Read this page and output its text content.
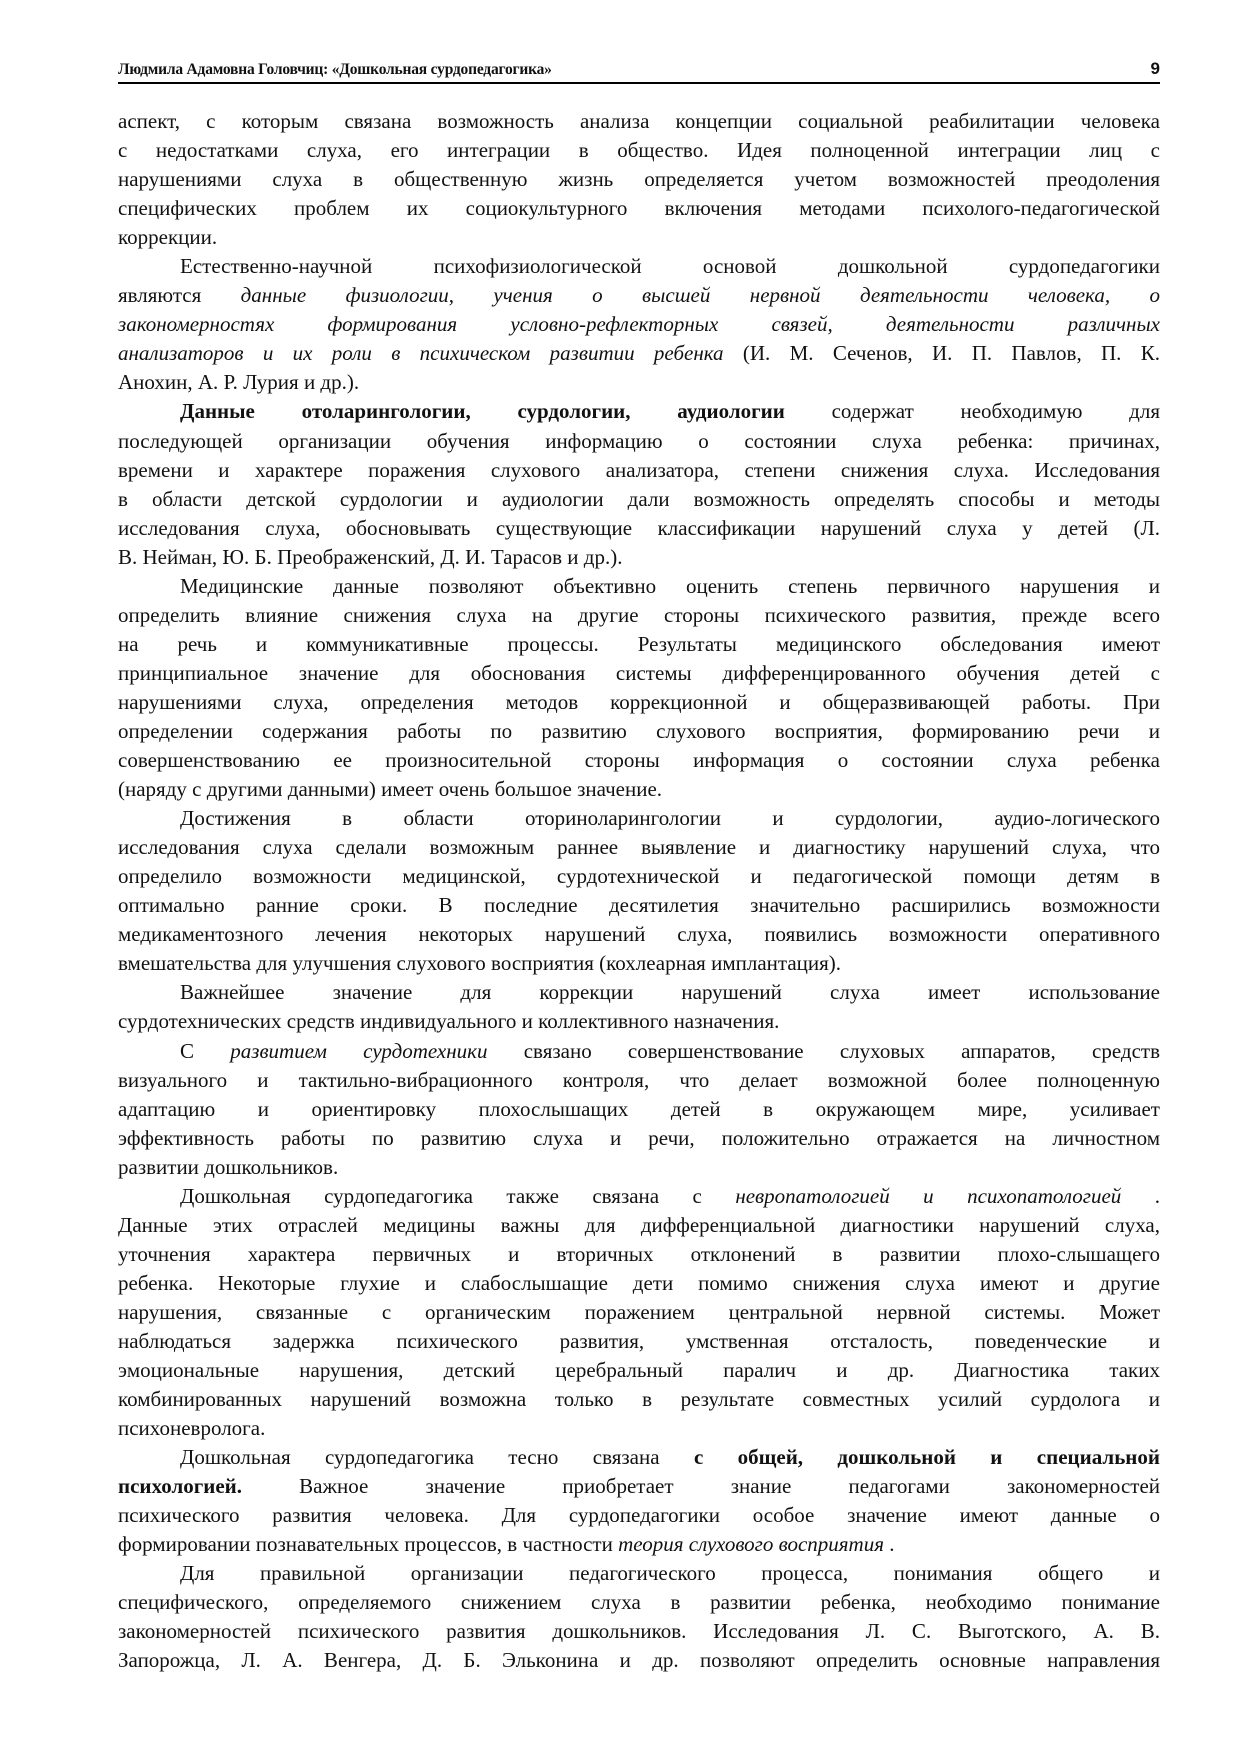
Людмила Адамовна Головчиц: «Дошкольная сурдопедагогика»	9
аспект, с которым связана возможность анализа концепции социальной реабилитации человека
с недостатками слуха, его интеграции в общество. Идея полноценной интеграции лиц с
нарушениями слуха в общественную жизнь определяется учетом возможностей преодоления
специфических проблем их социокультурного включения методами психолого-педагогической
коррекции.
Естественно-научной психофизиологической основой дошкольной сурдопедагогики
являются данные физиологии, учения о высшей нервной деятельности человека, о
закономерностях формирования условно-рефлекторных связей, деятельности различных
анализаторов и их роли в психическом развитии ребенка (И. М. Сеченов, И. П. Павлов, П. К.
Анохин, А. Р. Лурия и др.).
Данные отоларингологии, сурдологии, аудиологии содержат необходимую для
последующей организации обучения информацию о состоянии слуха ребенка: причинах,
времени и характере поражения слухового анализатора, степени снижения слуха. Исследования
в области детской сурдологии и аудиологии дали возможность определять способы и методы
исследования слуха, обосновывать существующие классификации нарушений слуха у детей (Л.
В. Нейман, Ю. Б. Преображенский, Д. И. Тарасов и др.).
Медицинские данные позволяют объективно оценить степень первичного нарушения и
определить влияние снижения слуха на другие стороны психического развития, прежде всего
на речь и коммуникативные процессы. Результаты медицинского обследования имеют
принципиальное значение для обоснования системы дифференцированного обучения детей с
нарушениями слуха, определения методов коррекционной и общеразвивающей работы. При
определении содержания работы по развитию слухового восприятия, формированию речи и
совершенствованию ее произносительной стороны информация о состоянии слуха ребенка
(наряду с другими данными) имеет очень большое значение.
Достижения в области оториноларингологии и сурдологии, аудио-логического
исследования слуха сделали возможным раннее выявление и диагностику нарушений слуха, что
определило возможности медицинской, сурдотехнической и педагогической помощи детям в
оптимально ранние сроки. В последние десятилетия значительно расширились возможности
медикаментозного лечения некоторых нарушений слуха, появились возможности оперативного
вмешательства для улучшения слухового восприятия (кохлеарная имплантация).
Важнейшее значение для коррекции нарушений слуха имеет использование
сурдотехнических средств индивидуального и коллективного назначения.
С развитием сурдотехники связано совершенствование слуховых аппаратов, средств
визуального и тактильно-вибрационного контроля, что делает возможной более полноценную
адаптацию и ориентировку плохослышащих детей в окружающем мире, усиливает
эффективность работы по развитию слуха и речи, положительно отражается на личностном
развитии дошкольников.
Дошкольная сурдопедагогика также связана с невропатологией и психопатологией .
Данные этих отраслей медицины важны для дифференциальной диагностики нарушений слуха,
уточнения характера первичных и вторичных отклонений в развитии плохо-слышащего
ребенка. Некоторые глухие и слабослышащие дети помимо снижения слуха имеют и другие
нарушения, связанные с органическим поражением центральной нервной системы. Может
наблюдаться задержка психического развития, умственная отсталость, поведенческие и
эмоциональные нарушения, детский церебральный паралич и др. Диагностика таких
комбинированных нарушений возможна только в результате совместных усилий сурдолога и
психоневролога.
Дошкольная сурдопедагогика тесно связана с общей, дошкольной и специальной
психологией. Важное значение приобретает знание педагогами закономерностей
психического развития человека. Для сурдопедагогики особое значение имеют данные о
формировании познавательных процессов, в частности теория слухового восприятия .
Для правильной организации педагогического процесса, понимания общего и
специфического, определяемого снижением слуха в развитии ребенка, необходимо понимание
закономерностей психического развития дошкольников. Исследования Л. С. Выготского, А. В.
Запорожца, Л. А. Венгера, Д. Б. Эльконина и др. позволяют определить основные направления
